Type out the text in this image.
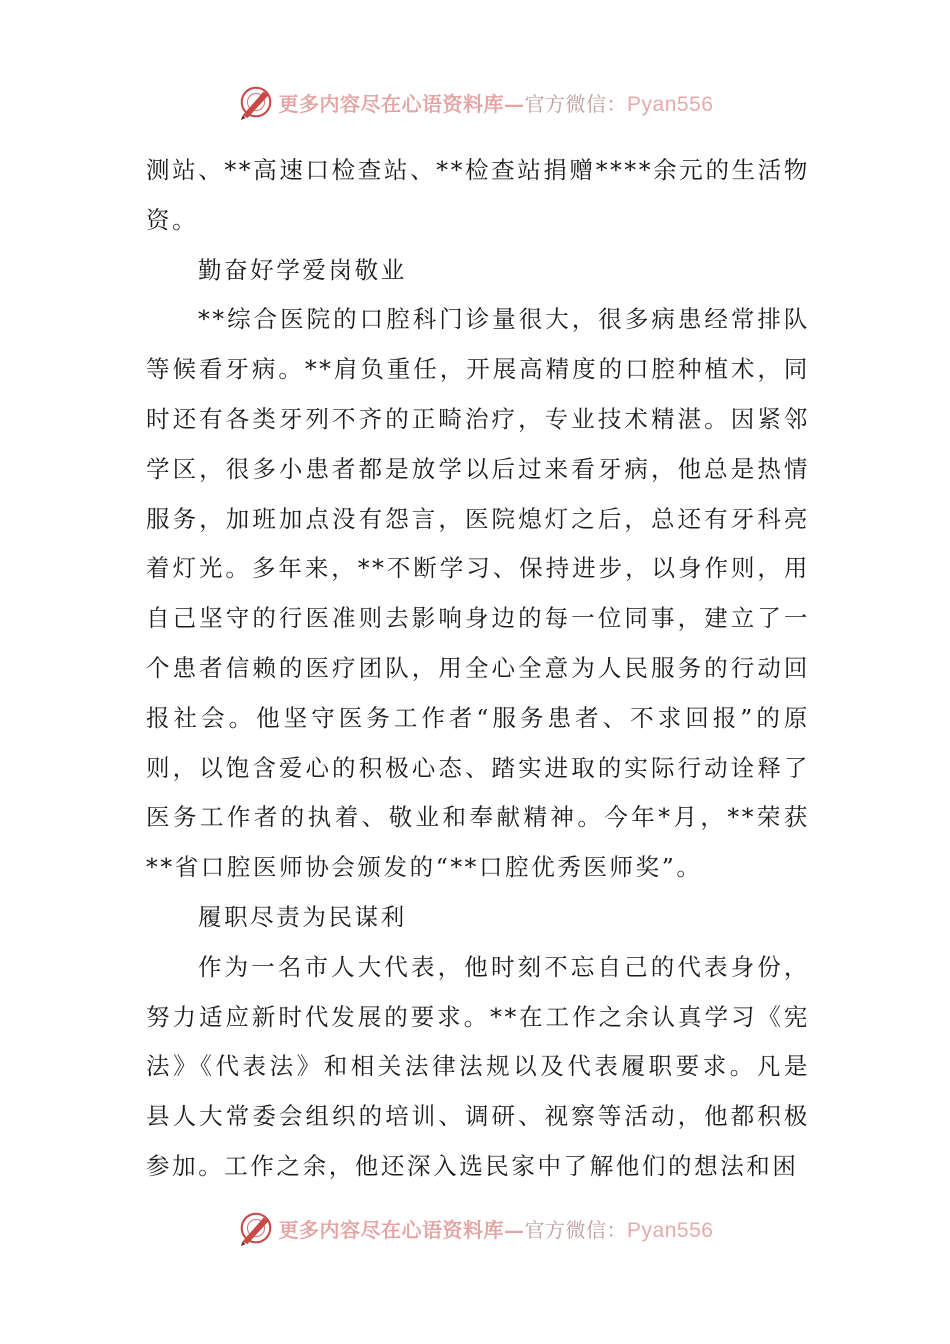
更多内容尽在心语资料库—官方微信：Pyan556

测站、**高速口检查站、**检查站捐赠****余元的生活物资。

勤奋好学爱岗敬业

**综合医院的口腔科门诊量很大，很多病患经常排队等候看牙病。**肩负重任，开展高精度的口腔种植术，同时还有各类牙列不齐的正畸治疗，专业技术精湛。因紧邻学区，很多小患者都是放学以后过来看牙病，他总是热情服务，加班加点没有怨言，医院熄灯之后，总还有牙科亮着灯光。多年来，**不断学习、保持进步，以身作则，用自己坚守的行医准则去影响身边的每一位同事，建立了一个患者信赖的医疗团队，用全心全意为人民服务的行动回报社会。他坚守医务工作者“服务患者、不求回报”的原则，以饱含爱心的积极心态、踏实进取的实际行动诠释了医务工作者的执着、敬业和奉献精神。今年*月，**荣获**省口腔医师协会颁发的“**口腔优秀医师奖”。

履职尽责为民谋利

作为一名市人大代表，他时刻不忘自己的代表身份，努力适应新时代发展的要求。**在工作之余认真学习《宪法》《代表法》和相关法律法规以及代表履职要求。凡是县人大常委会组织的培训、调研、视察等活动，他都积极参加。工作之余，他还深入选民家中了解他们的想法和困

更多内容尽在心语资料库—官方微信：Pyan556
